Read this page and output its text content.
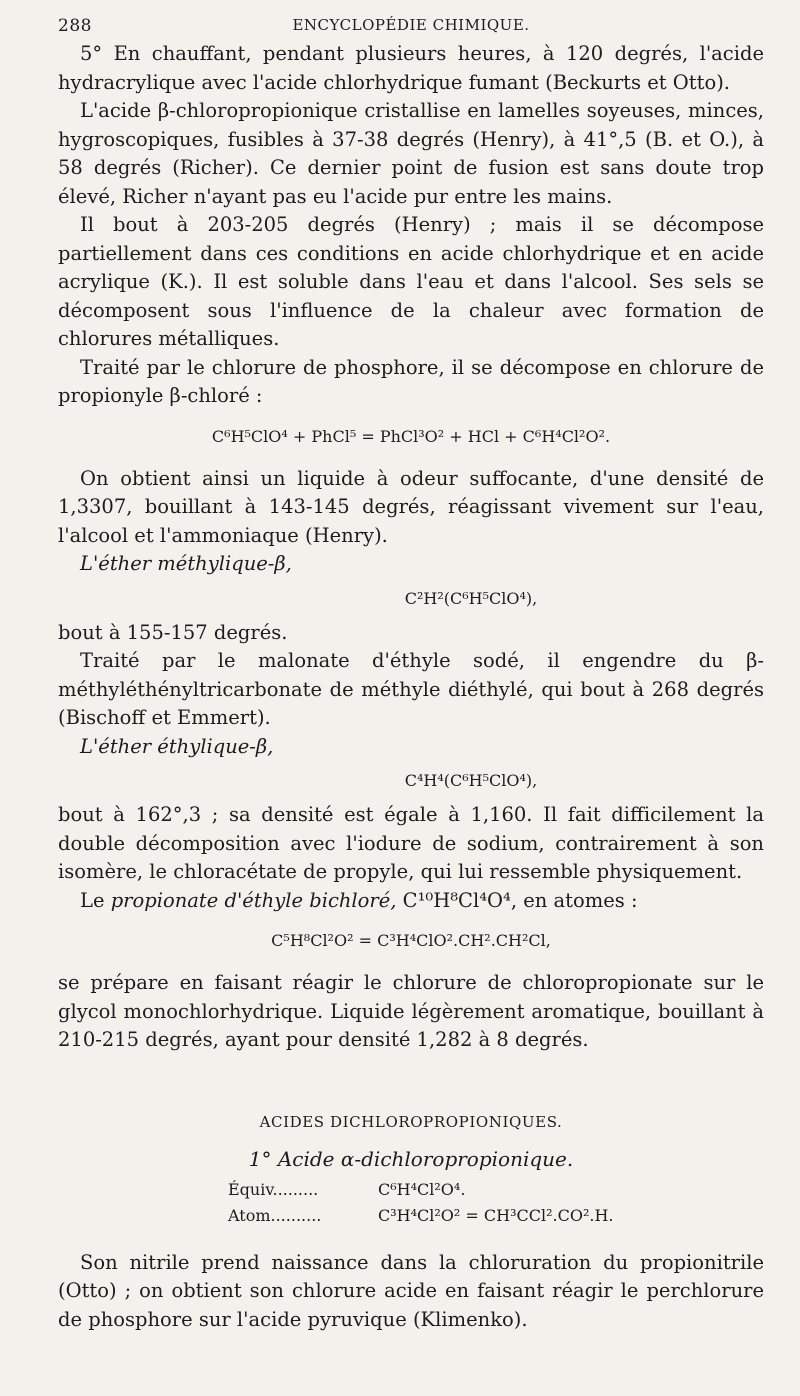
288	ENCYCLOPÉDIE CHIMIQUE.

5° En chauffant, pendant plusieurs heures, à 120 degrés, l'acide hydracrylique avec l'acide chlorhydrique fumant (Beckurts et Otto).

L'acide β-chloropropionique cristallise en lamelles soyeuses, minces, hygroscopiques, fusibles à 37-38 degrés (Henry), à 41°,5 (B. et O.), à 58 degrés (Richer). Ce dernier point de fusion est sans doute trop élevé, Richer n'ayant pas eu l'acide pur entre les mains.

Il bout à 203-205 degrés (Henry) ; mais il se décompose partiellement dans ces conditions en acide chlorhydrique et en acide acrylique (K.). Il est soluble dans l'eau et dans l'alcool. Ses sels se décomposent sous l'influence de la chaleur avec formation de chlorures métalliques.

Traité par le chlorure de phosphore, il se décompose en chlorure de propionyle β-chloré :

C⁶H⁵ClO⁴ + PhCl⁵ = PhCl³O² + HCl + C⁶H⁴Cl²O².

On obtient ainsi un liquide à odeur suffocante, d'une densité de 1,3307, bouillant à 143-145 degrés, réagissant vivement sur l'eau, l'alcool et l'ammoniaque (Henry).

L'éther méthylique-β,

C²H²(C⁶H⁵ClO⁴),

bout à 155-157 degrés.

Traité par le malonate d'éthyle sodé, il engendre du β-méthyléthényltricarbonate de méthyle diéthylé, qui bout à 268 degrés (Bischoff et Emmert).

L'éther éthylique-β,

C⁴H⁴(C⁶H⁵ClO⁴),

bout à 162°,3 ; sa densité est égale à 1,160. Il fait difficilement la double décomposition avec l'iodure de sodium, contrairement à son isomère, le chloracétate de propyle, qui lui ressemble physiquement.

Le propionate d'éthyle bichloré, C¹⁰H⁸Cl⁴O⁴, en atomes :

C⁵H⁸Cl²O² = C³H⁴ClO².CH².CH²Cl,

se prépare en faisant réagir le chlorure de chloropropionate sur le glycol monochlorhydrique. Liquide légèrement aromatique, bouillant à 210-215 degrés, ayant pour densité 1,282 à 8 degrés.

ACIDES DICHLOROPROPIONIQUES.
1° Acide α-dichloropropionique.
Équiv.........	C⁶H⁴Cl²O⁴.
Atom..........	C³H⁴Cl²O² = CH³CCl².CO².H.

Son nitrile prend naissance dans la chloruration du propionitrile (Otto) ; on obtient son chlorure acide en faisant réagir le perchlorure de phosphore sur l'acide pyruvique (Klimenko).
